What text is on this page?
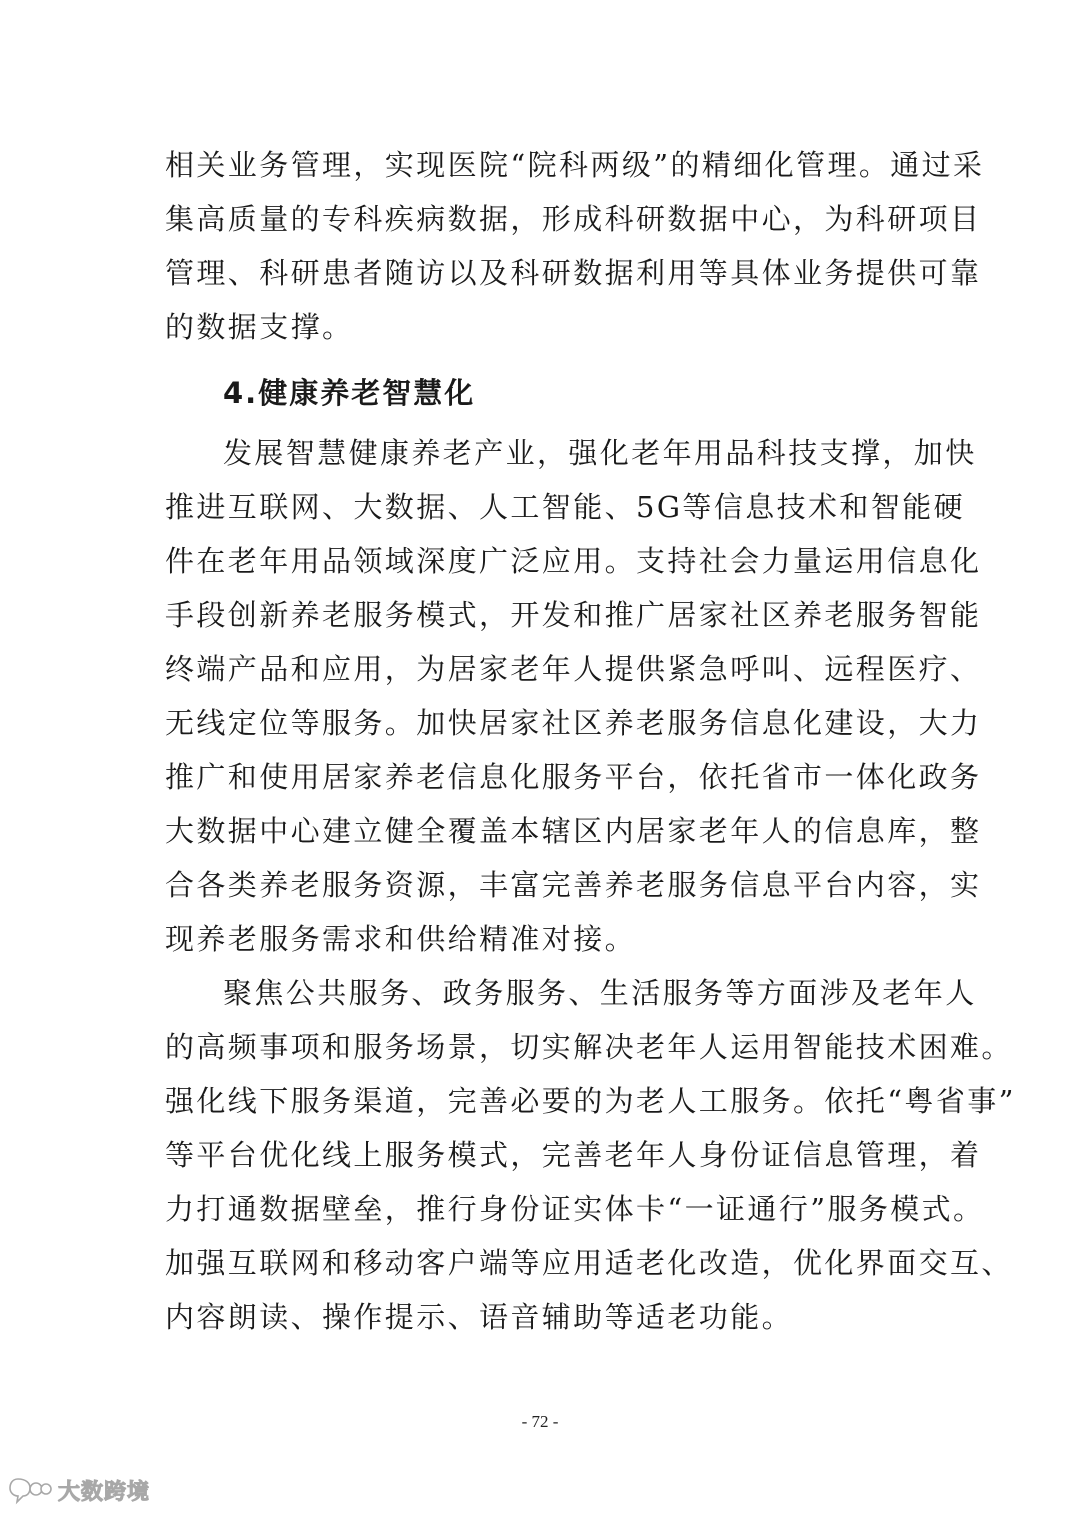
相关业务管理，实现医院“院科两级”的精细化管理。通过采
集高质量的专科疾病数据，形成科研数据中心，为科研项目
管理、科研患者随访以及科研数据利用等具体业务提供可靠
的数据支撑。
4.健康养老智慧化
发展智慧健康养老产业，强化老年用品科技支撑，加快
推进互联网、大数据、人工智能、5G等信息技术和智能硬
件在老年用品领域深度广泛应用。支持社会力量运用信息化
手段创新养老服务模式，开发和推广居家社区养老服务智能
终端产品和应用，为居家老年人提供紧急呼叫、远程医疗、
无线定位等服务。加快居家社区养老服务信息化建设，大力
推广和使用居家养老信息化服务平台，依托省市一体化政务
大数据中心建立健全覆盖本辖区内居家老年人的信息库，整
合各类养老服务资源，丰富完善养老服务信息平台内容，实
现养老服务需求和供给精准对接。
聚焦公共服务、政务服务、生活服务等方面涉及老年人
的高频事项和服务场景，切实解决老年人运用智能技术困难。
强化线下服务渠道，完善必要的为老人工服务。依托“粤省事”
等平台优化线上服务模式，完善老年人身份证信息管理，着
力打通数据壁垒，推行身份证实体卡“一证通行”服务模式。
加强互联网和移动客户端等应用适老化改造，优化界面交互、
内容朗读、操作提示、语音辅助等适老功能。
- 72 -
大数跨境
